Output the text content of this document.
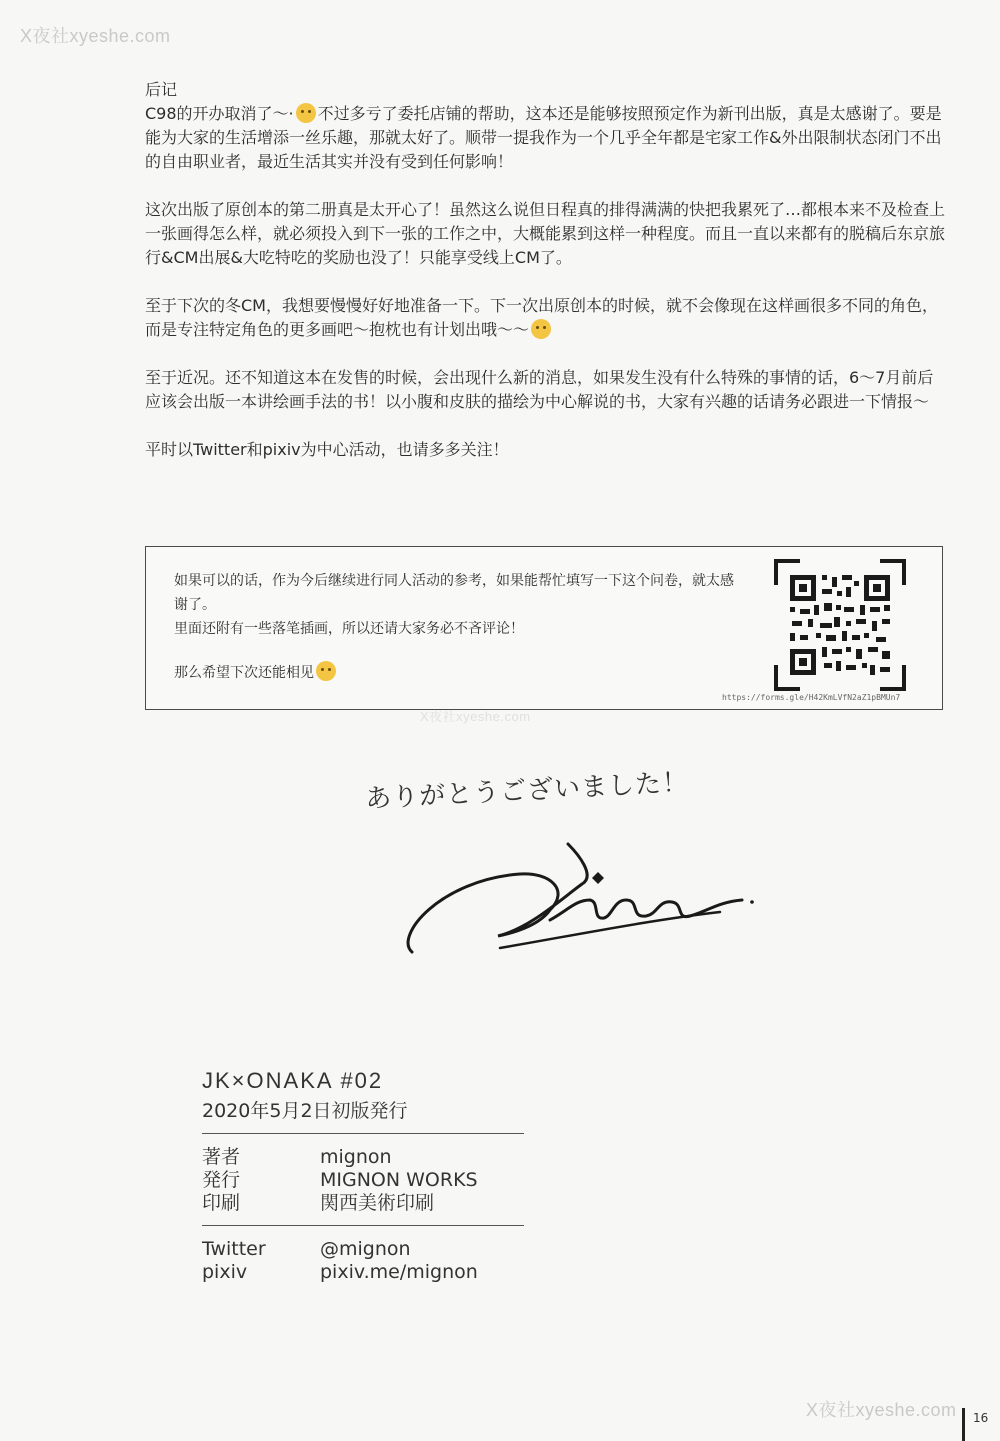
X夜社xyeshe.com
X夜社xyeshe.com
后记

C98的开办取消了～· 不过多亏了委托店铺的帮助，这本还是能够按照预定作为新刊出版，真是太感谢了。要是能为大家的生活增添一丝乐趣，那就太好了。顺带一提我作为一个几乎全年都是宅家工作&外出限制状态闭门不出的自由职业者，最近生活其实并没有受到任何影响！

这次出版了原创本的第二册真是太开心了！虽然这么说但日程真的排得满满的快把我累死了…都根本来不及检查上一张画得怎么样，就必须投入到下一张的工作之中，大概能累到这样一种程度。而且一直以来都有的脱稿后东京旅行&CM出展&大吃特吃的奖励也没了！只能享受线上CM了。

至于下次的冬CM，我想要慢慢好好地准备一下。下一次出原创本的时候，就不会像现在这样画很多不同的角色，而是专注特定角色的更多画吧～抱枕也有计划出哦～～

至于近况。还不知道这本在发售的时候，会出现什么新的消息，如果发生没有什么特殊的事情的话，6～7月前后应该会出版一本讲绘画手法的书！以小腹和皮肤的描绘为中心解说的书，大家有兴趣的话请务必跟进一下情报～

平时以Twitter和pixiv为中心活动，也请多多关注！

如果可以的话，作为今后继续进行同人活动的参考，如果能帮忙填写一下这个问卷，就太感谢了。
里面还附有一些落笔插画，所以还请大家务必不吝评论！
那么希望下次还能相见
https://forms.gle/H42KmLVfN2aZ1pBMUn7
X夜社xyeshe.com
ありがとうございました！
mignon.
JK×ONAKA #02
2020年5月2日初版発行
著者	mignon
発行	MIGNON WORKS
印刷	関西美術印刷
Twitter	@mignon
pixiv	pixiv.me/mignon
16
